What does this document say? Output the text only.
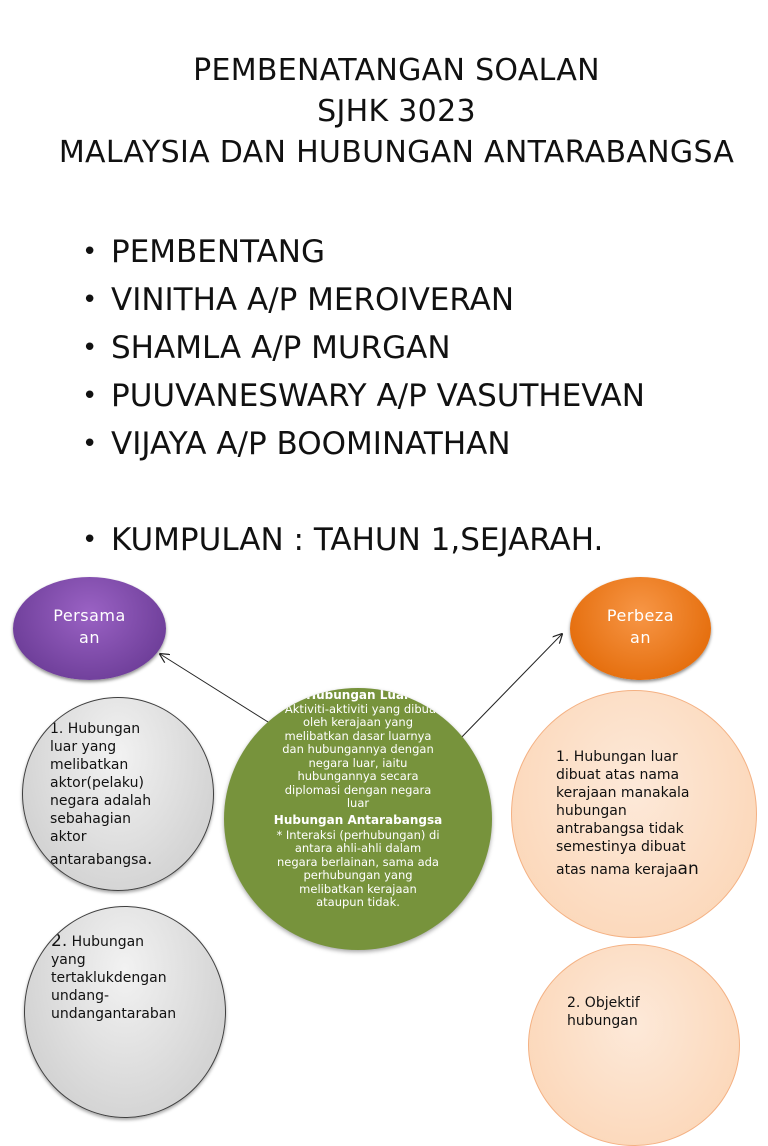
PEMBENATANGAN SOALAN
SJHK 3023
MALAYSIA DAN HUBUNGAN ANTARABANGSA
• PEMBENTANG
• VINITHA A/P MEROIVERAN
• SHAMLA A/P MURGAN
• PUUVANESWARY A/P VASUTHEVAN
• VIJAYA A/P BOOMINATHAN
• KUMPULAN : TAHUN 1,SEJARAH.
Persama
an
Perbeza
an
Hubungan Luar
* Aktiviti-aktiviti yang dibuat
oleh kerajaan yang
melibatkan dasar luarnya
dan hubungannya dengan
negara luar, iaitu
hubungannya secara
diplomasi dengan negara
luar
Hubungan Antarabangsa
* Interaksi (perhubungan) di
antara ahli-ahli dalam
negara berlainan, sama ada
perhubungan yang
melibatkan kerajaan
ataupun tidak.
1. Hubungan
luar yang
melibatkan
aktor(pelaku)
negara adalah
sebahagian
aktor
antarabangsa.
2. Hubungan
yang
tertaklukdengan
undang-
undangantaraban
1. Hubungan luar
dibuat atas nama
kerajaan manakala
hubungan
antrabangsa tidak
semestinya dibuat
atas nama kerajaan
2. Objektif
hubungan
